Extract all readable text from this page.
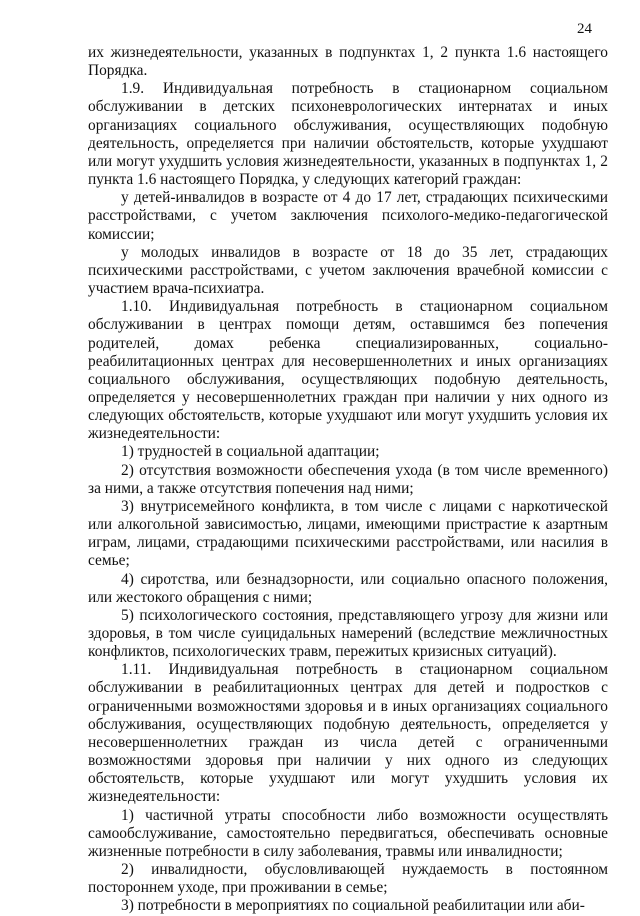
24

их жизнедеятельности, указанных в подпунктах 1, 2 пункта 1.6 настоящего Порядка.

1.9. Индивидуальная потребность в стационарном социальном обслуживании в детских психоневрологических интернатах и иных организациях социального обслуживания, осуществляющих подобную деятельность, определяется при наличии обстоятельств, которые ухудшают или могут ухудшить условия жизнедеятельности, указанных в подпунктах 1, 2 пункта 1.6 настоящего Порядка, у следующих категорий граждан:

у детей-инвалидов в возрасте от 4 до 17 лет, страдающих психическими расстройствами, с учетом заключения психолого-медико-педагогической комиссии;

у молодых инвалидов в возрасте от 18 до 35 лет, страдающих психическими расстройствами, с учетом заключения врачебной комиссии с участием врача-психиатра.

1.10. Индивидуальная потребность в стационарном социальном обслуживании в центрах помощи детям, оставшимся без попечения родителей, домах ребенка специализированных, социально-реабилитационных центрах для несовершеннолетних и иных организациях социального обслуживания, осуществляющих подобную деятельность, определяется у несовершеннолетних граждан при наличии у них одного из следующих обстоятельств, которые ухудшают или могут ухудшить условия их жизнедеятельности:

1) трудностей в социальной адаптации;

2) отсутствия возможности обеспечения ухода (в том числе временного) за ними, а также отсутствия попечения над ними;

3) внутрисемейного конфликта, в том числе с лицами с наркотической или алкогольной зависимостью, лицами, имеющими пристрастие к азартным играм, лицами, страдающими психическими расстройствами, или насилия в семье;

4) сиротства, или безнадзорности, или социально опасного положения, или жестокого обращения с ними;

5) психологического состояния, представляющего угрозу для жизни или здоровья, в том числе суицидальных намерений (вследствие межличностных конфликтов, психологических травм, пережитых кризисных ситуаций).

1.11. Индивидуальная потребность в стационарном социальном обслуживании в реабилитационных центрах для детей и подростков с ограниченными возможностями здоровья и в иных организациях социального обслуживания, осуществляющих подобную деятельность, определяется у несовершеннолетних граждан из числа детей с ограниченными возможностями здоровья при наличии у них одного из следующих обстоятельств, которые ухудшают или могут ухудшить условия их жизнедеятельности:

1) частичной утраты способности либо возможности осуществлять самообслуживание, самостоятельно передвигаться, обеспечивать основные жизненные потребности в силу заболевания, травмы или инвалидности;

2) инвалидности, обусловливающей нуждаемость в постоянном постороннем уходе, при проживании в семье;

3) потребности в мероприятиях по социальной реабилитации или аби-
